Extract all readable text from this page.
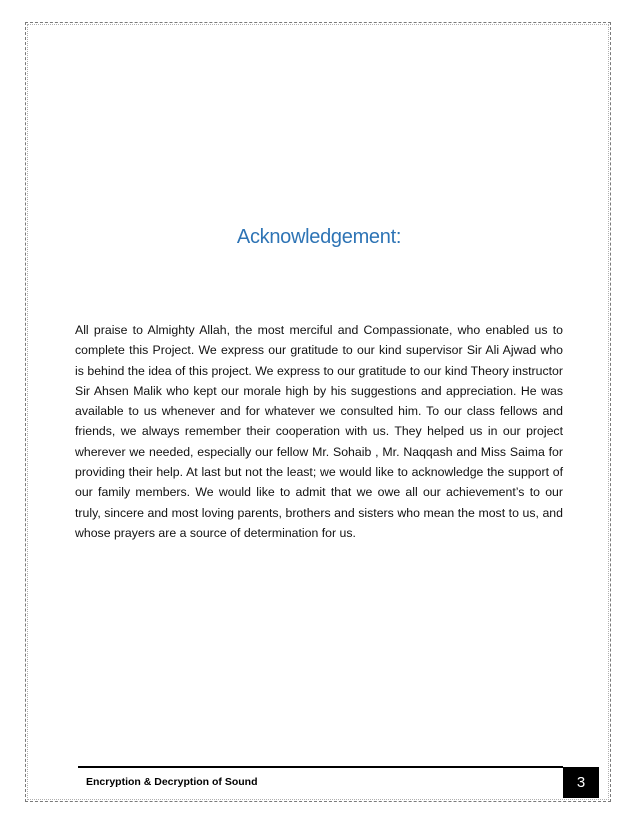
Acknowledgement:
All praise to Almighty Allah, the most merciful and Compassionate, who enabled us to complete this Project. We express our gratitude to our kind supervisor Sir Ali Ajwad who is behind the idea of this project. We express to our gratitude to our kind Theory instructor Sir Ahsen Malik who kept our morale high by his suggestions and appreciation. He was available to us whenever and for whatever we consulted him. To our class fellows and friends, we always remember their cooperation with us. They helped us in our project wherever we needed, especially our fellow Mr. Sohaib , Mr. Naqqash and Miss Saima for providing their help. At last but not the least; we would like to acknowledge the support of our family members. We would like to admit that we owe all our achievement’s to our truly, sincere and most loving parents, brothers and sisters who mean the most to us, and whose prayers are a source of determination for us.
Encryption & Decryption of Sound	3
